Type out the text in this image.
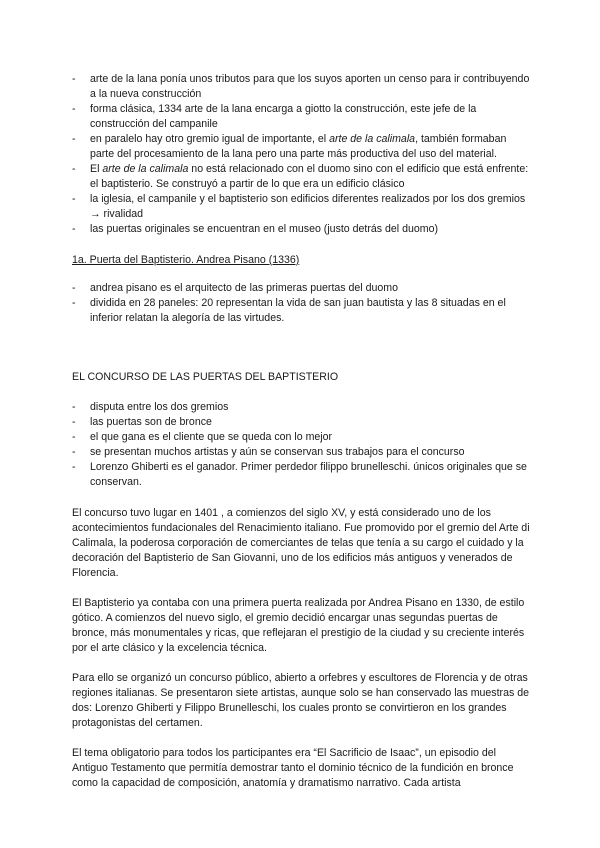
- arte de la lana ponía unos tributos para que los suyos aporten un censo para ir contribuyendo a la nueva construcción
- forma clásica, 1334 arte de la lana encarga a giotto la construcción, este jefe de la construcción del campanile
- en paralelo hay otro gremio igual de importante, el arte de la calimala, también formaban parte del procesamiento de la lana pero una parte más productiva del uso del material.
- El arte de la calimala no está relacionado con el duomo sino con el edificio que está enfrente: el baptisterio. Se construyó a partir de lo que era un edificio clásico
- la iglesia, el campanile y el baptisterio son edificios diferentes realizados por los dos gremios → rivalidad
- las puertas originales se encuentran en el museo (justo detrás del duomo)
1a. Puerta del Baptisterio. Andrea Pisano (1336)
- andrea pisano es el arquitecto de las primeras puertas del duomo
- dividida en 28 paneles: 20 representan la vida de san juan bautista y las 8 situadas en el inferior relatan la alegoría de las virtudes.
EL CONCURSO DE LAS PUERTAS DEL BAPTISTERIO
- disputa entre los dos gremios
- las puertas son de bronce
- el que gana es el cliente que se queda con lo mejor
- se presentan muchos artistas y aún se conservan sus trabajos para el concurso
- Lorenzo Ghiberti es el ganador. Primer perdedor filippo brunelleschi. únicos originales que se conservan.

El concurso tuvo lugar en 1401 , a comienzos del siglo XV, y está considerado uno de los acontecimientos fundacionales del Renacimiento italiano. Fue promovido por el gremio del Arte di Calimala, la poderosa corporación de comerciantes de telas que tenía a su cargo el cuidado y la decoración del Baptisterio de San Giovanni, uno de los edificios más antiguos y venerados de Florencia.

El Baptisterio ya contaba con una primera puerta realizada por Andrea Pisano en 1330, de estilo gótico. A comienzos del nuevo siglo, el gremio decidió encargar unas segundas puertas de bronce, más monumentales y ricas, que reflejaran el prestigio de la ciudad y su creciente interés por el arte clásico y la excelencia técnica.

Para ello se organizó un concurso público, abierto a orfebres y escultores de Florencia y de otras regiones italianas. Se presentaron siete artistas, aunque solo se han conservado las muestras de dos: Lorenzo Ghiberti y Filippo Brunelleschi, los cuales pronto se convirtieron en los grandes protagonistas del certamen.

El tema obligatorio para todos los participantes era “El Sacrificio de Isaac”, un episodio del Antiguo Testamento que permitía demostrar tanto el dominio técnico de la fundición en bronce como la capacidad de composición, anatomía y dramatismo narrativo. Cada artista
